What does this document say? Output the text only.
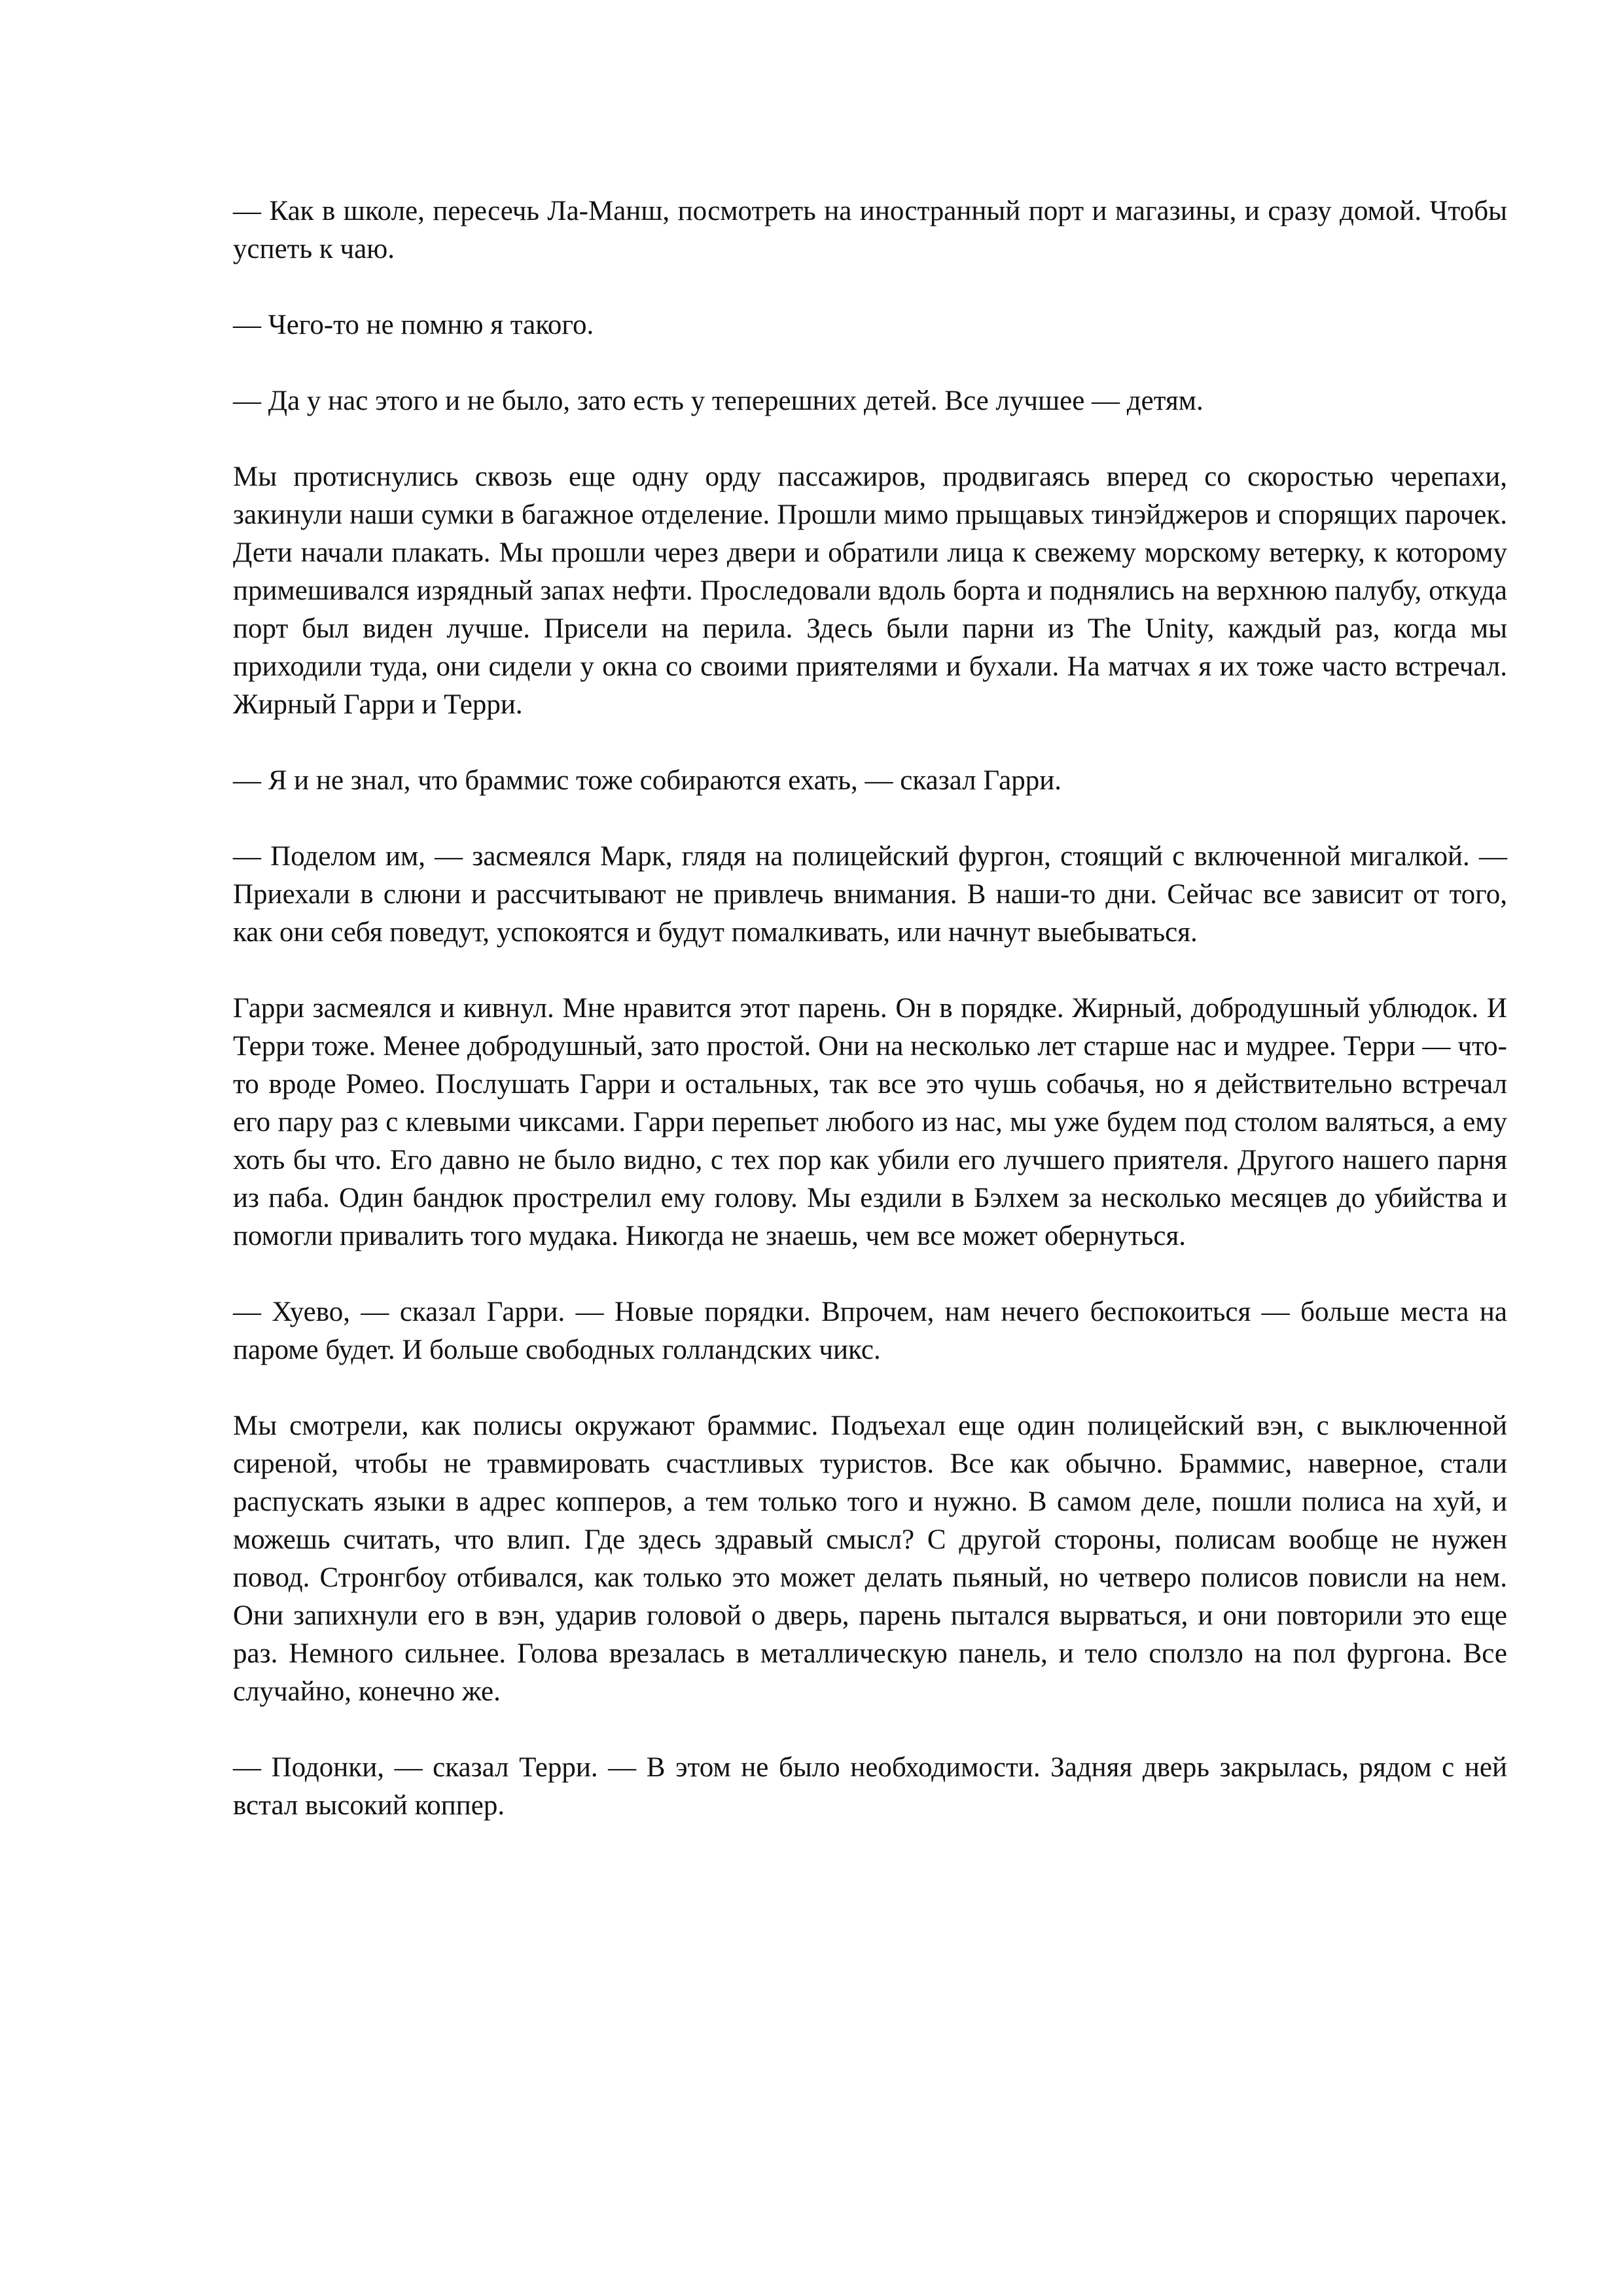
— Как в школе, пересечь Ла-Манш, посмотреть на иностранный порт и магазины, и сразу домой. Чтобы успеть к чаю.

— Чего-то не помню я такого.

— Да у нас этого и не было, зато есть у теперешних детей. Все лучшее — детям.

Мы протиснулись сквозь еще одну орду пассажиров, продвигаясь вперед со скоростью черепахи, закинули наши сумки в багажное отделение. Прошли мимо прыщавых тинэйджеров и спорящих парочек. Дети начали плакать. Мы прошли через двери и обратили лица к свежему морскому ветерку, к которому примешивался изрядный запах нефти. Проследовали вдоль борта и поднялись на верхнюю палубу, откуда порт был виден лучше. Присели на перила. Здесь были парни из The Unity, каждый раз, когда мы приходили туда, они сидели у окна со своими приятелями и бухали. На матчах я их тоже часто встречал. Жирный Гарри и Терри.

— Я и не знал, что браммис тоже собираются ехать, — сказал Гарри.

— Поделом им, — засмеялся Марк, глядя на полицейский фургон, стоящий с включенной мигалкой. — Приехали в слюни и рассчитывают не привлечь внимания. В наши-то дни. Сейчас все зависит от того, как они себя поведут, успокоятся и будут помалкивать, или начнут выебываться.

Гарри засмеялся и кивнул. Мне нравится этот парень. Он в порядке. Жирный, добродушный ублюдок. И Терри тоже. Менее добродушный, зато простой. Они на несколько лет старше нас и мудрее. Терри — что-то вроде Ромео. Послушать Гарри и остальных, так все это чушь собачья, но я действительно встречал его пару раз с клевыми чиксами. Гарри перепьет любого из нас, мы уже будем под столом валяться, а ему хоть бы что. Его давно не было видно, с тех пор как убили его лучшего приятеля. Другого нашего парня из паба. Один бандюк прострелил ему голову. Мы ездили в Бэлхем за несколько месяцев до убийства и помогли привалить того мудака. Никогда не знаешь, чем все может обернуться.

— Хуево, — сказал Гарри. — Новые порядки. Впрочем, нам нечего беспокоиться — больше места на пароме будет. И больше свободных голландских чикс.

Мы смотрели, как полисы окружают браммис. Подъехал еще один полицейский вэн, с выключенной сиреной, чтобы не травмировать счастливых туристов. Все как обычно. Браммис, наверное, стали распускать языки в адрес копперов, а тем только того и нужно. В самом деле, пошли полиса на хуй, и можешь считать, что влип. Где здесь здравый смысл? С другой стороны, полисам вообще не нужен повод. Стронгбоу отбивался, как только это может делать пьяный, но четверо полисов повисли на нем. Они запихнули его в вэн, ударив головой о дверь, парень пытался вырваться, и они повторили это еще раз. Немного сильнее. Голова врезалась в металлическую панель, и тело сползло на пол фургона. Все случайно, конечно же.

— Подонки, — сказал Терри. — В этом не было необходимости. Задняя дверь закрылась, рядом с ней встал высокий коппер.
